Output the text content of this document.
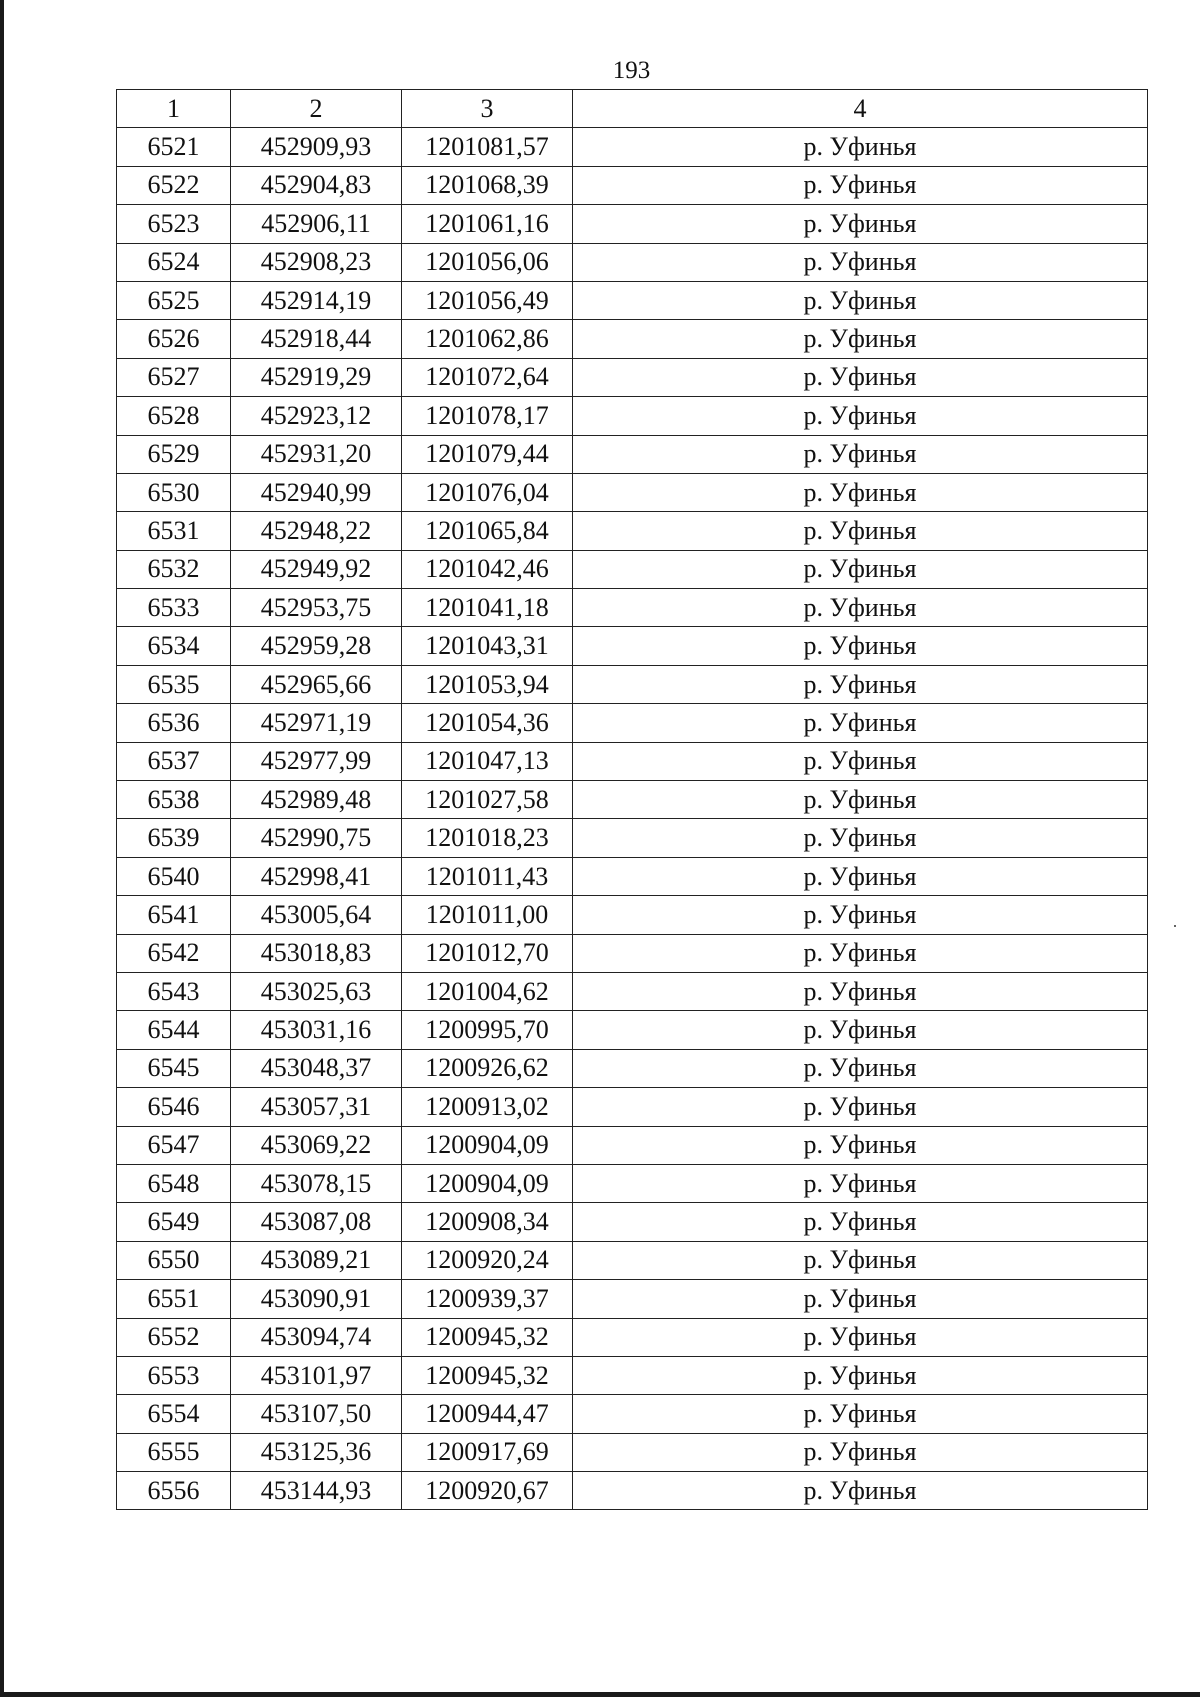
193
1	2	3	4
6521	452909,93	1201081,57	р. Уфинья
6522	452904,83	1201068,39	р. Уфинья
6523	452906,11	1201061,16	р. Уфинья
6524	452908,23	1201056,06	р. Уфинья
6525	452914,19	1201056,49	р. Уфинья
6526	452918,44	1201062,86	р. Уфинья
6527	452919,29	1201072,64	р. Уфинья
6528	452923,12	1201078,17	р. Уфинья
6529	452931,20	1201079,44	р. Уфинья
6530	452940,99	1201076,04	р. Уфинья
6531	452948,22	1201065,84	р. Уфинья
6532	452949,92	1201042,46	р. Уфинья
6533	452953,75	1201041,18	р. Уфинья
6534	452959,28	1201043,31	р. Уфинья
6535	452965,66	1201053,94	р. Уфинья
6536	452971,19	1201054,36	р. Уфинья
6537	452977,99	1201047,13	р. Уфинья
6538	452989,48	1201027,58	р. Уфинья
6539	452990,75	1201018,23	р. Уфинья
6540	452998,41	1201011,43	р. Уфинья
6541	453005,64	1201011,00	р. Уфинья
6542	453018,83	1201012,70	р. Уфинья
6543	453025,63	1201004,62	р. Уфинья
6544	453031,16	1200995,70	р. Уфинья
6545	453048,37	1200926,62	р. Уфинья
6546	453057,31	1200913,02	р. Уфинья
6547	453069,22	1200904,09	р. Уфинья
6548	453078,15	1200904,09	р. Уфинья
6549	453087,08	1200908,34	р. Уфинья
6550	453089,21	1200920,24	р. Уфинья
6551	453090,91	1200939,37	р. Уфинья
6552	453094,74	1200945,32	р. Уфинья
6553	453101,97	1200945,32	р. Уфинья
6554	453107,50	1200944,47	р. Уфинья
6555	453125,36	1200917,69	р. Уфинья
6556	453144,93	1200920,67	р. Уфинья
